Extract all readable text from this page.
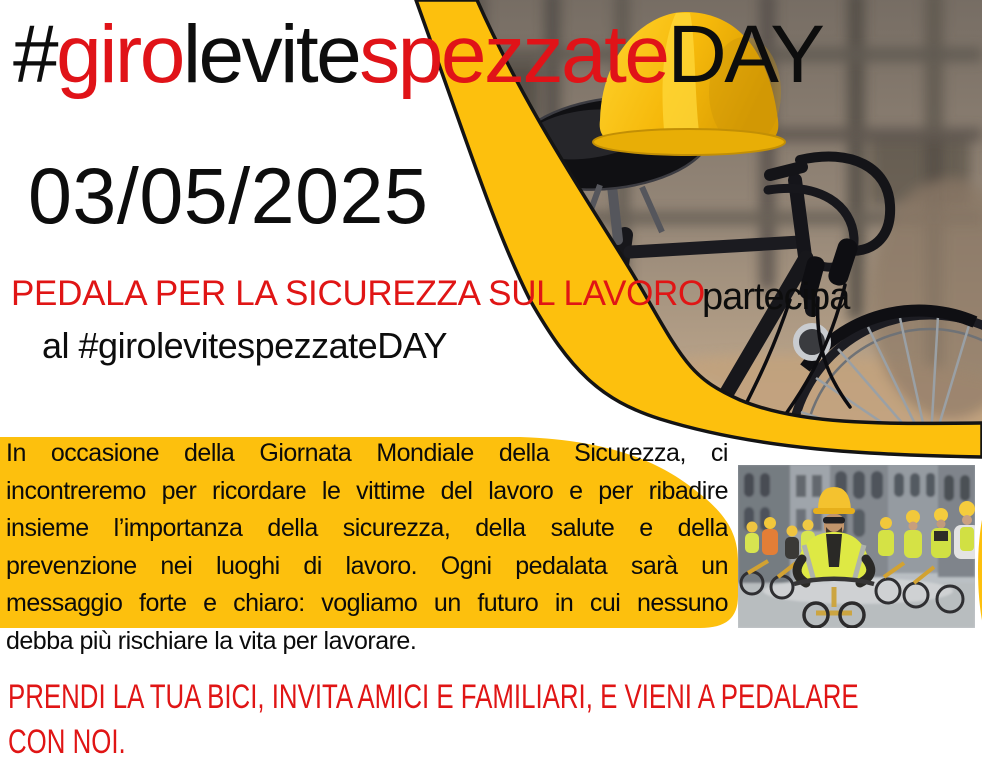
#girolevitespezzateDAY
03/05/2025
PEDALA PER LA SICUREZZA SUL LAVORO
partecipa
al #girolevitespezzateDAY
In occasione della Giornata Mondiale della Sicurezza, ci
incontreremo per ricordare le vittime del lavoro e per ribadire
insieme l’importanza della sicurezza, della salute e della
prevenzione nei luoghi di lavoro. Ogni pedalata sarà un
messaggio forte e chiaro: vogliamo un futuro in cui nessuno
debba più rischiare la vita per lavorare.
PRENDI LA TUA BICI, INVITA AMICI E FAMILIARI, E VIENI A PEDALARE
CON NOI.
